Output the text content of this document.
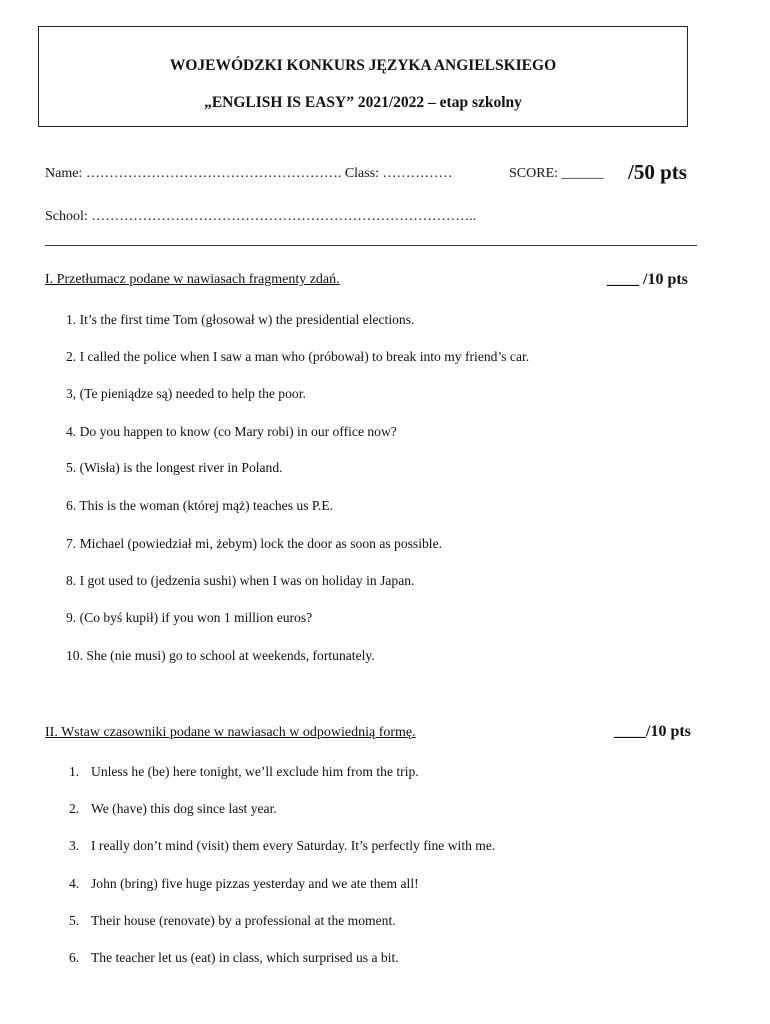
WOJEWÓDZKI KONKURS JĘZYKA ANGIELSKIEGO
„ENGLISH IS EASY” 2021/2022 – etap szkolny
Name: ………………………………………………. Class: ……………	SCORE: ______ /50 pts
School: ………………………………………………………………………..
I. Przetłumacz podane w nawiasach fragmenty zdań.	____ /10 pts
1. It’s the first time Tom (głosował w) the presidential elections.
2. I called the police when I saw a man who (próbował) to break into my friend’s car.
3, (Te pieniądze są) needed to help the poor.
4. Do you happen to know (co Mary robi) in our office now?
5. (Wisła) is the longest river in Poland.
6. This is the woman (której mąż) teaches us P.E.
7. Michael (powiedział mi, żebym) lock the door as soon as possible.
8. I got used to (jedzenia sushi) when I was on holiday in Japan.
9. (Co byś kupił) if you won 1 million euros?
10. She (nie musi) go to school at weekends, fortunately.
II. Wstaw czasowniki podane w nawiasach w odpowiednią formę.	____/10 pts
1. Unless he (be) here tonight, we’ll exclude him from the trip.
2. We (have) this dog since last year.
3. I really don’t mind (visit) them every Saturday. It’s perfectly fine with me.
4. John (bring) five huge pizzas yesterday and we ate them all!
5. Their house (renovate) by a professional at the moment.
6. The teacher let us (eat) in class, which surprised us a bit.
